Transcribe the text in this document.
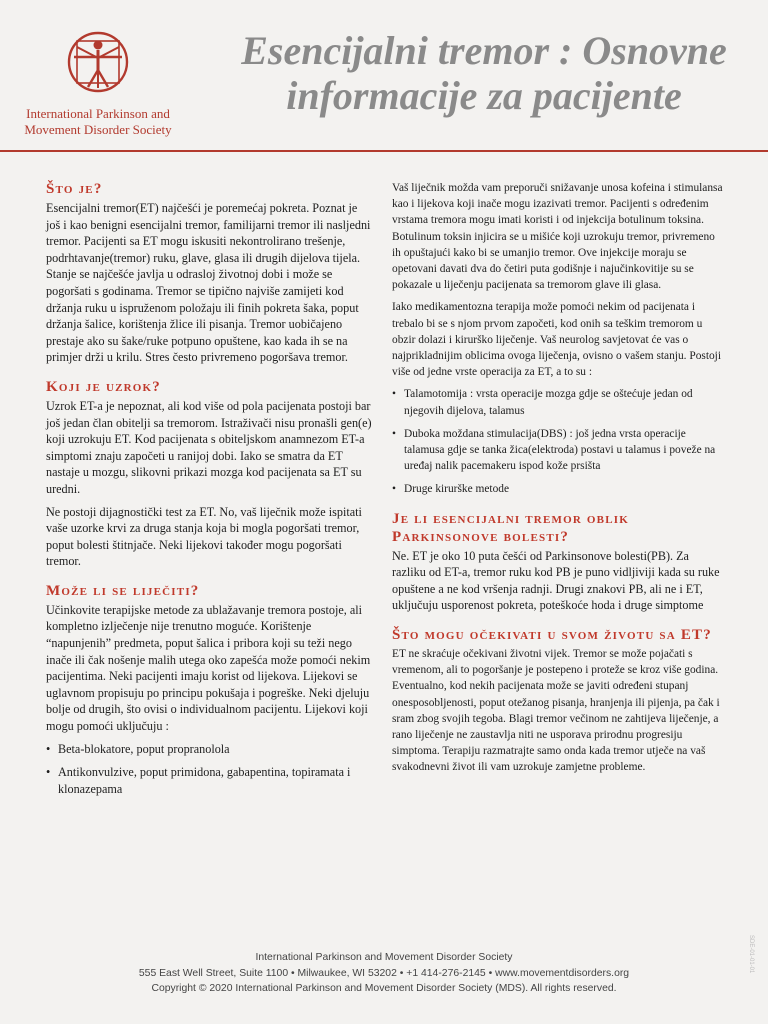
International Parkinson and
Movement Disorder Society
Esencijalni tremor : Osnovne
informacije za pacijente
Što je?

Esencijalni tremor(ET) najčešći je poremećaj pokreta. Poznat je još i kao benigni esencijalni tremor, familijarni tremor ili nasljedni tremor. Pacijenti sa ET mogu iskusiti nekontrolirano trešenje, podrhtavanje(tremor) ruku, glave, glasa ili drugih dijelova tijela. Stanje se najčešće javlja u odrasloj životnoj dobi i može se pogoršati s godinama. Tremor se tipično najviše zamijeti kod držanja ruku u ispruženom položaju ili finih pokreta šaka, poput držanja šalice, korištenja žlice ili pisanja. Tremor uobičajeno prestaje ako su šake/ruke potpuno opuštene, kao kada ih se na primjer drži u krilu. Stres često privremeno pogoršava tremor.

Koji je uzrok?

Uzrok ET-a je nepoznat, ali kod više od pola pacijenata postoji bar još jedan član obitelji sa tremorom. Istraživači nisu pronašli gen(e) koji uzrokuju ET. Kod pacijenata s obiteljskom anamnezom ET-a simptomi znaju započeti u ranijoj dobi. Iako se smatra da ET nastaje u mozgu, slikovni prikazi mozga kod pacijenata sa ET su uredni.

Ne postoji dijagnostički test za ET. No, vaš liječnik može ispitati vaše uzorke krvi za druga stanja koja bi mogla pogoršati tremor, poput bolesti štitnjače. Neki lijekovi također mogu pogoršati tremor.

Može li se liječiti?

Učinkovite terapijske metode za ublažavanje tremora postoje, ali kompletno izlječenje nije trenutno moguće. Korištenje “napunjenih” predmeta, poput šalica i pribora koji su teži nego inače ili čak nošenje malih utega oko zapešća može pomoći nekim pacijentima. Neki pacijenti imaju korist od lijekova. Lijekovi se uglavnom propisuju po principu pokušaja i pogreške. Neki djeluju bolje od drugih, što ovisi o individualnom pacijentu. Lijekovi koji mogu pomoći uključuju :

• Beta-blokatore, poput propranolola
• Antikonvulzive, poput primidona, gabapentina, topiramata i klonazepama

Vaš liječnik možda vam preporuči snižavanje unosa kofeina i stimulansa kao i lijekova koji inače mogu izazivati tremor. Pacijenti s određenim vrstama tremora mogu imati koristi i od injekcija botulinum toksina. Botulinum toksin injicira se u mišiće koji uzrokuju tremor, privremeno ih opuštajući kako bi se umanjio tremor. Ove injekcije moraju se opetovani davati dva do četiri puta godišnje i najučinkovitije su se pokazale u liječenju pacijenata sa tremorom glave ili glasa.

Iako medikamentozna terapija može pomoći nekim od pacijenata i trebalo bi se s njom prvom započeti, kod onih sa teškim tremorom u obzir dolazi i kirurško liječenje. Vaš neurolog savjetovat će vas o najprikladnijim oblicima ovoga liječenja, ovisno o vašem stanju. Postoji više od jedne vrste operacija za ET, a to su :

• Talamotomija : vrsta operacije mozga gdje se oštećuje jedan od njegovih dijelova, talamus
• Duboka moždana stimulacija(DBS) : još jedna vrsta operacije talamusa gdje se tanka žica(elektroda) postavi u talamus i poveže na uređaj nalik pacemakeru ispod kože prsišta
• Druge kirurške metode
Je li esencijalni tremor oblik Parkinsonove bolesti?

Ne. ET je oko 10 puta češći od Parkinsonove bolesti(PB). Za razliku od ET-a, tremor ruku kod PB je puno vidljiviji kada su ruke opuštene a ne kod vršenja radnji. Drugi znakovi PB, ali ne i ET, uključuju usporenost pokreta, poteškoće hoda i druge simptome

Što mogu očekivati u svom životu sa ET?

ET ne skraćuje očekivani životni vijek. Tremor se može pojačati s vremenom, ali to pogoršanje je postepeno i proteže se kroz više godina. Eventualno, kod nekih pacijenata može se javiti određeni stupanj onesposobljenosti, poput otežanog pisanja, hranjenja ili pijenja, pa čak i sram zbog svojih tegoba. Blagi tremor večinom ne zahtijeva liječenje, a rano liječenje ne zaustavlja niti ne usporava prirodnu progresiju simptoma. Terapiju razmatrajte samo onda kada tremor utječe na vaš svakodnevni život ili vam uzrokuje zamjetne probleme.

International Parkinson and Movement Disorder Society
555 East Well Street, Suite 1100 • Milwaukee, WI 53202 • +1 414-276-2145 • www.movementdisorders.org
Copyright © 2020 International Parkinson and Movement Disorder Society (MDS). All rights reserved.
SDE-01-01-01
